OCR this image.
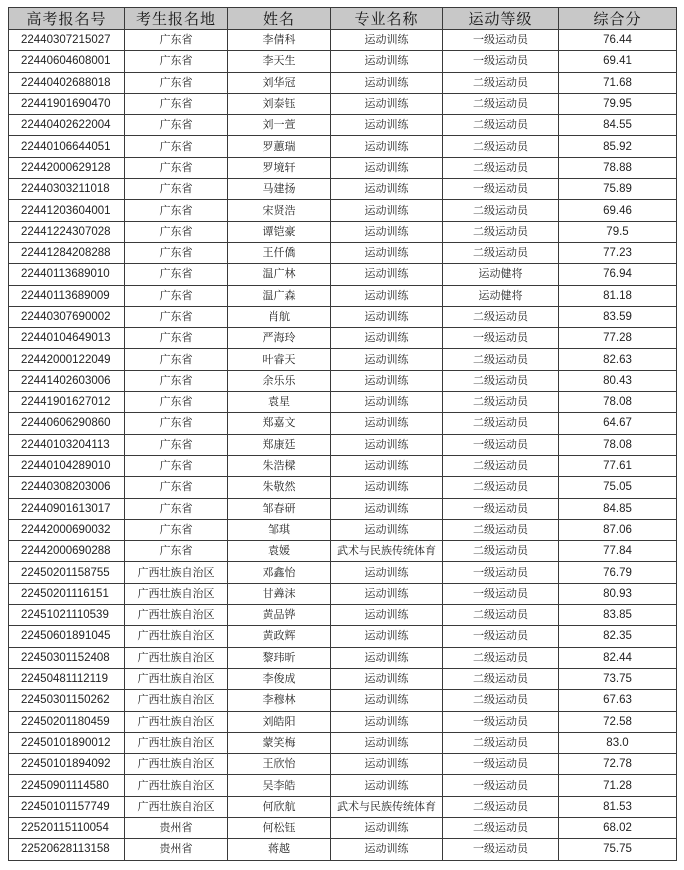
高考报名号	考生报名地	姓名	专业名称	运动等级	综合分
22440307215027	广东省	李倩科	运动训练	一级运动员	76.44
22440604608001	广东省	李天生	运动训练	一级运动员	69.41
22440402688018	广东省	刘华冠	运动训练	二级运动员	71.68
22441901690470	广东省	刘泰钰	运动训练	二级运动员	79.95
22440402622004	广东省	刘一萱	运动训练	二级运动员	84.55
22440106644051	广东省	罗蕙瑞	运动训练	二级运动员	85.92
22442000629128	广东省	罗境轩	运动训练	二级运动员	78.88
22440303211018	广东省	马建扬	运动训练	一级运动员	75.89
22441203604001	广东省	宋贤浩	运动训练	二级运动员	69.46
22441224307028	广东省	谭铠豪	运动训练	二级运动员	79.5
22441284208288	广东省	王仟僑	运动训练	二级运动员	77.23
22440113689010	广东省	温广林	运动训练	运动健将	76.94
22440113689009	广东省	温广森	运动训练	运动健将	81.18
22440307690002	广东省	肖航	运动训练	二级运动员	83.59
22440104649013	广东省	严海玲	运动训练	一级运动员	77.28
22442000122049	广东省	叶睿天	运动训练	二级运动员	82.63
22441402603006	广东省	余乐乐	运动训练	二级运动员	80.43
22441901627012	广东省	袁星	运动训练	二级运动员	78.08
22440606290860	广东省	郑嘉文	运动训练	二级运动员	64.67
22440103204113	广东省	郑康廷	运动训练	一级运动员	78.08
22440104289010	广东省	朱浩樑	运动训练	二级运动员	77.61
22440308203006	广东省	朱敬然	运动训练	二级运动员	75.05
22440901613017	广东省	邹春研	运动训练	一级运动员	84.85
22442000690032	广东省	邹琪	运动训练	二级运动员	87.06
22442000690288	广东省	袁媛	武术与民族传统体育	二级运动员	77.84
22450201158755	广西壮族自治区	邓鑫怡	运动训练	一级运动员	76.79
22450201116151	广西壮族自治区	甘羴沫	运动训练	一级运动员	80.93
22451021110539	广西壮族自治区	黄品铧	运动训练	二级运动员	83.85
22450601891045	广西壮族自治区	黄政辉	运动训练	一级运动员	82.35
22450301152408	广西壮族自治区	黎玮昕	运动训练	二级运动员	82.44
22450481112119	广西壮族自治区	李俊成	运动训练	二级运动员	73.75
22450301150262	广西壮族自治区	李穆林	运动训练	二级运动员	67.63
22450201180459	广西壮族自治区	刘皓阳	运动训练	一级运动员	72.58
22450101890012	广西壮族自治区	蒙笑梅	运动训练	二级运动员	83.0
22450101894092	广西壮族自治区	王欣怡	运动训练	一级运动员	72.78
22450901114580	广西壮族自治区	吴李皓	运动训练	一级运动员	71.28
22450101157749	广西壮族自治区	何欣航	武术与民族传统体育	二级运动员	81.53
22520115110054	贵州省	何松钰	运动训练	二级运动员	68.02
22520628113158	贵州省	蒋越	运动训练	一级运动员	75.75
